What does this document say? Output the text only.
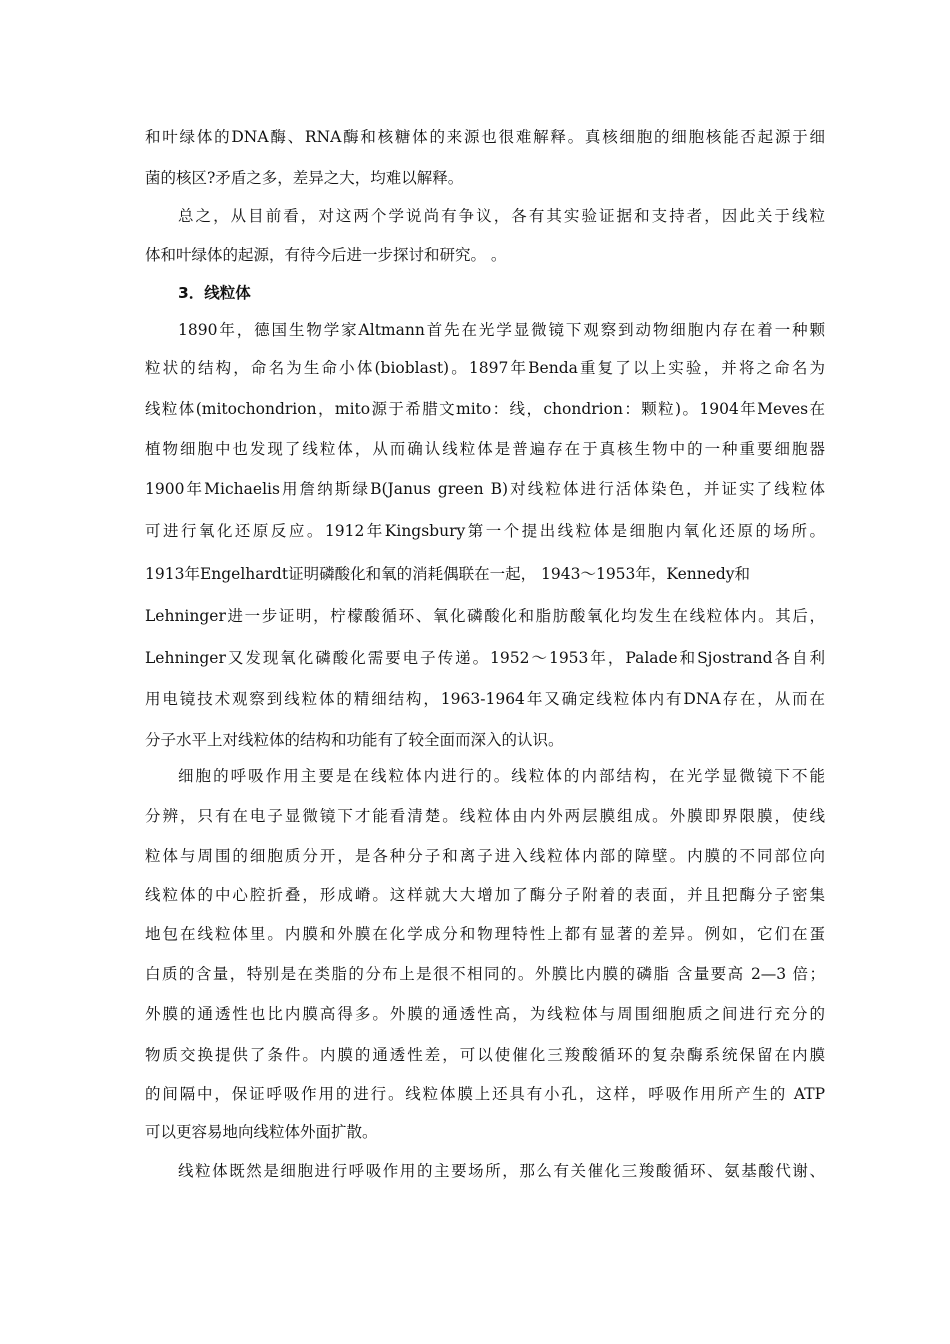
和叶绿体的DNA酶、RNA酶和核糖体的来源也很难解释。真核细胞的细胞核能否起源于细
菌的核区?矛盾之多，差异之大，均难以解释。
总之，从目前看，对这两个学说尚有争议，各有其实验证据和支持者，因此关于线粒
体和叶绿体的起源，有待今后进一步探讨和研究。 。
3．线粒体
1890年，德国生物学家Altmann首先在光学显微镜下观察到动物细胞内存在着一种颗
粒状的结构，命名为生命小体(bioblast)。1897年Benda重复了以上实验，并将之命名为
线粒体(mitochondrion，mito源于希腊文mito：线，chondrion：颗粒)。1904年Meves在
植物细胞中也发现了线粒体，从而确认线粒体是普遍存在于真核生物中的一种重要细胞器
1900年Michaelis用詹纳斯绿B(Janus green B)对线粒体进行活体染色，并证实了线粒体
可进行氧化还原反应。1912年Kingsbury第一个提出线粒体是细胞内氧化还原的场所。
1913年Engelhardt证明磷酸化和氧的消耗偶联在一起， 1943～1953年，Kennedy和
Lehninger进一步证明，柠檬酸循环、氧化磷酸化和脂肪酸氧化均发生在线粒体内。其后，
Lehninger又发现氧化磷酸化需要电子传递。1952～1953年，Palade和Sjostrand各自利
用电镜技术观察到线粒体的精细结构，1963-1964年又确定线粒体内有DNA存在，从而在
分子水平上对线粒体的结构和功能有了较全面而深入的认识。
细胞的呼吸作用主要是在线粒体内进行的。线粒体的内部结构，在光学显微镜下不能
分辨，只有在电子显微镜下才能看清楚。线粒体由内外两层膜组成。外膜即界限膜，使线
粒体与周围的细胞质分开，是各种分子和离子进入线粒体内部的障壁。内膜的不同部位向
线粒体的中心腔折叠，形成嵴。这样就大大增加了酶分子附着的表面，并且把酶分子密集
地包在线粒体里。内膜和外膜在化学成分和物理特性上都有显著的差异。例如，它们在蛋
白质的含量，特别是在类脂的分布上是很不相同的。外膜比内膜的磷脂 含量要高 2—3 倍；
外膜的通透性也比内膜高得多。外膜的通透性高，为线粒体与周围细胞质之间进行充分的
物质交换提供了条件。内膜的通透性差，可以使催化三羧酸循环的复杂酶系统保留在内膜
的间隔中，保证呼吸作用的进行。线粒体膜上还具有小孔，这样，呼吸作用所产生的 ATP
可以更容易地向线粒体外面扩散。
线粒体既然是细胞进行呼吸作用的主要场所，那么有关催化三羧酸循环、氨基酸代谢、
